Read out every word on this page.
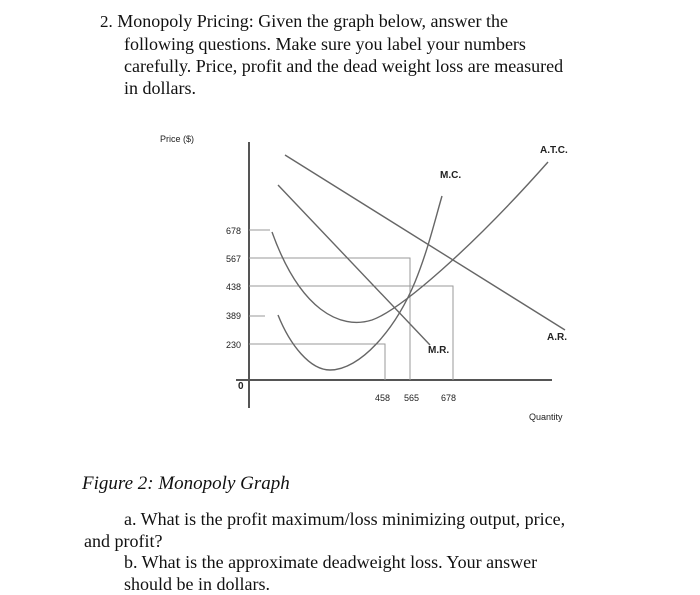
2. Monopoly Pricing: Given the graph below, answer the
following questions. Make sure you label your numbers
carefully. Price, profit and the dead weight loss are measured
in dollars.
Price ($)
Quantity
0
678
567
438
389
230
458 565 678
A.T.C.
M.C.
A.R.
M.R.
Figure 2: Monopoly Graph
a. What is the profit maximum/loss minimizing output, price,
and profit?
b. What is the approximate deadweight loss. Your answer
should be in dollars.
